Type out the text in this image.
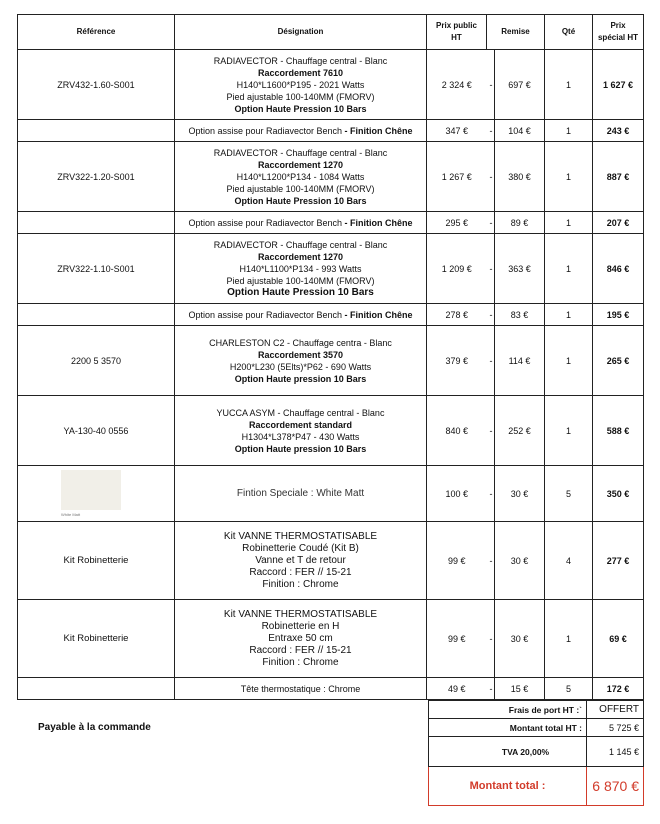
Référence	Désignation	Prix public HT	Remise		Qté	Prix spécial HT
ZRV432-1.60-S001	RADIAVECTOR - Chauffage central - Blanc
Raccordement 7610
H140*L1600*P195 - 2021 Watts
Pied ajustable 100-140MM (FMORV)
Option Haute Pression 10 Bars	2 324 €	-	697 €	1	1 627 €
	Option assise pour Radiavector Bench - Finition Chêne	347 €	-	104 €	1	243 €
ZRV322-1.20-S001	RADIAVECTOR - Chauffage central - Blanc
Raccordement 1270
H140*L1200*P134 - 1084 Watts
Pied ajustable 100-140MM (FMORV)
Option Haute Pression 10 Bars	1 267 €	-	380 €	1	887 €
	Option assise pour Radiavector Bench - Finition Chêne	295 €	-	89 €	1	207 €
ZRV322-1.10-S001	RADIAVECTOR - Chauffage central - Blanc
Raccordement 1270
H140*L1100*P134 - 993 Watts
Pied ajustable 100-140MM (FMORV)
Option Haute Pression 10 Bars	1 209 €	-	363 €	1	846 €
	Option assise pour Radiavector Bench - Finition Chêne	278 €	-	83 €	1	195 €
2200 5 3570	CHARLESTON C2 - Chauffage centra - Blanc
Raccordement 3570
H200*L230 (5Elts)*P62 - 690 Watts
Option Haute pression 10 Bars	379 €	-	114 €	1	265 €
YA-130-40 0556	YUCCA ASYM - Chauffage central - Blanc
Raccordement standard
H1304*L378*P47 - 430 Watts
Option Haute pression 10 Bars	840 €	-	252 €	1	588 €

White Matt	Fintion Speciale : White Matt	100 €	-	30 €	5	350 €
Kit Robinetterie	Kit VANNE THERMOSTATISABLE
Robinetterie Coudé (Kit B)
Vanne et T de retour
Raccord : FER // 15-21
Finition : Chrome	99 €	-	30 €	4	277 €
Kit Robinetterie	Kit VANNE THERMOSTATISABLE
Robinetterie en H
Entraxe 50 cm
Raccord : FER // 15-21
Finition : Chrome	99 €	-	30 €	1	69 €
	Tête thermostatique : Chrome	49 €	-	15 €	5	172 €
Payable à la commande
Frais de port HT :`	OFFERT
Montant total HT :	5 725 €
TVA 20,00%	1 145 €
Montant total :	6 870 €
